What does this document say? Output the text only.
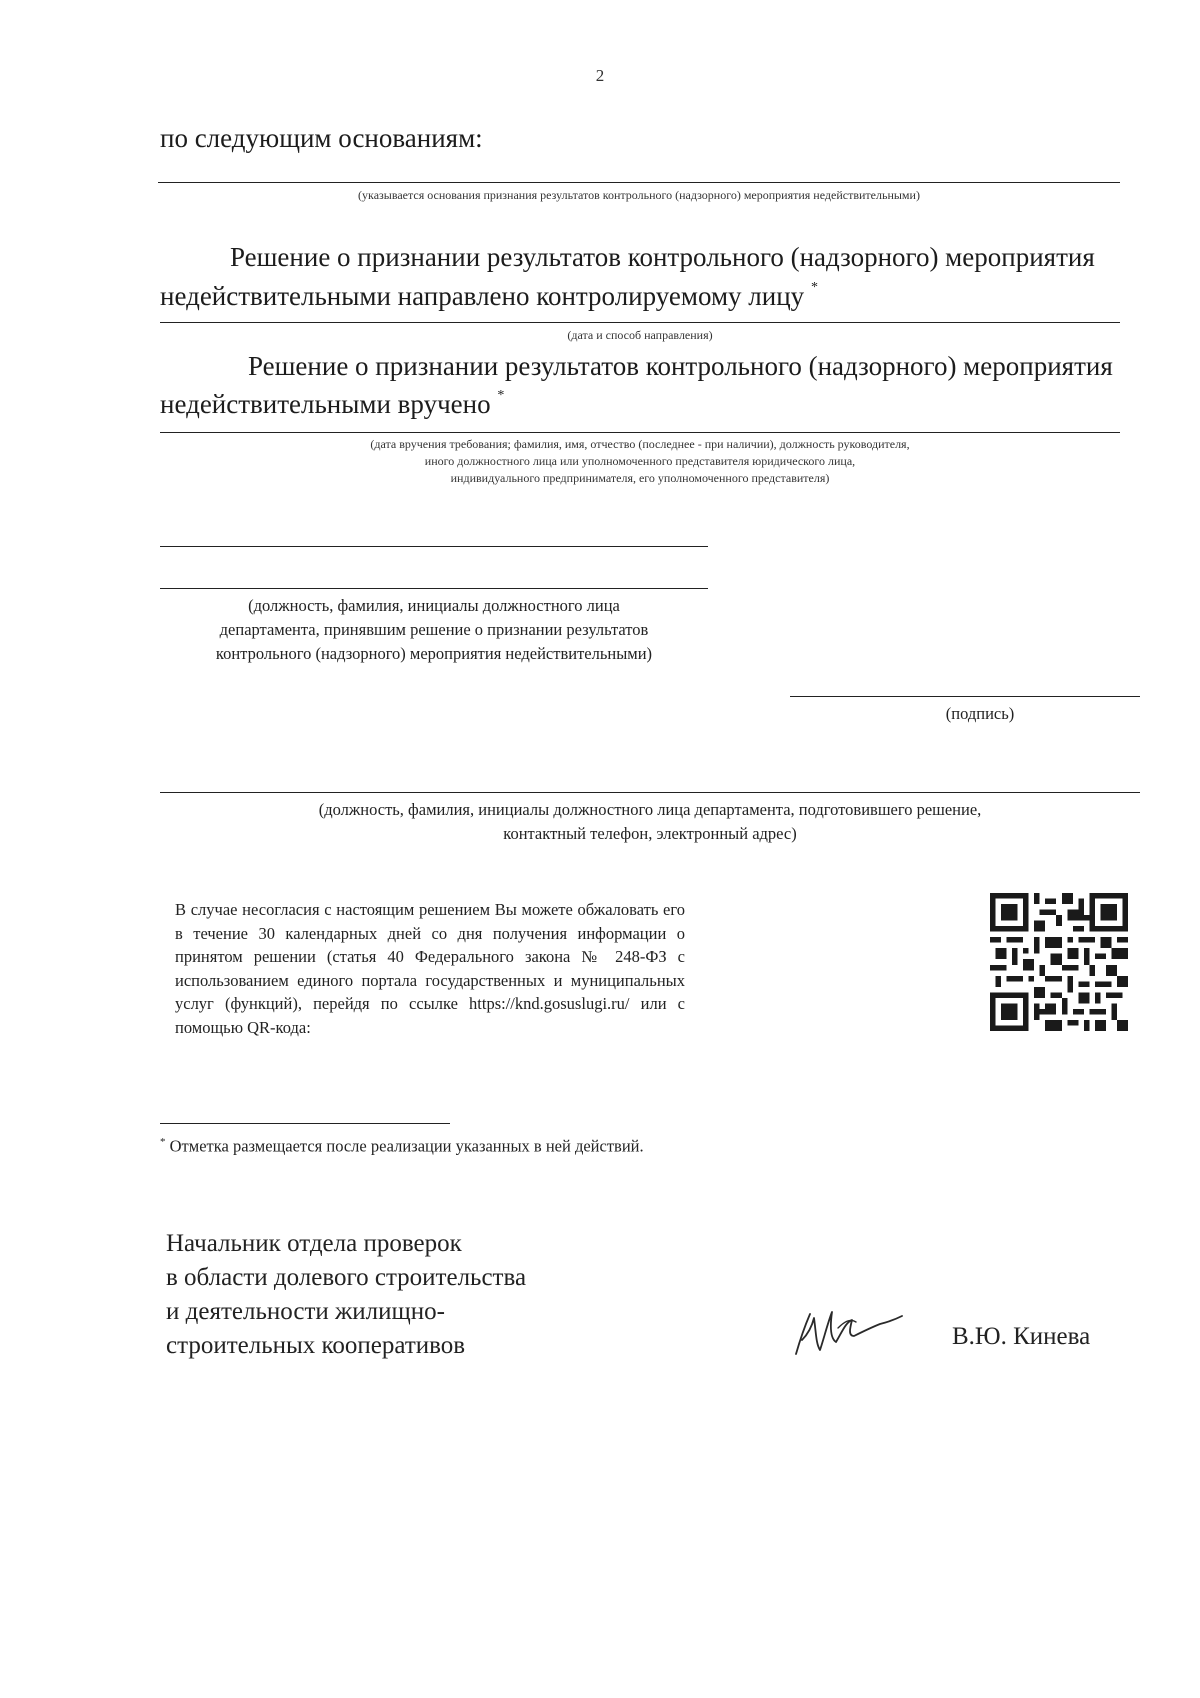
2
по следующим основаниям:
(указывается основания признания результатов контрольного (надзорного) мероприятия недействительными)
Решение о признании результатов контрольного (надзорного) мероприятия
недействительными направлено контролируемому лицу *
(дата и способ направления)
Решение о признании результатов контрольного (надзорного) мероприятия
недействительными вручено *
(дата вручения требования; фамилия, имя, отчество (последнее - при наличии), должность руководителя,
иного должностного лица или уполномоченного представителя юридического лица,
индивидуального предпринимателя, его уполномоченного представителя)
(должность, фамилия, инициалы должностного лица
департамента, принявшим решение о признании результатов
контрольного (надзорного) мероприятия недействительными)
(подпись)
(должность, фамилия, инициалы должностного лица департамента, подготовившего решение,
контактный телефон, электронный адрес)
В случае несогласия с настоящим решением Вы можете обжаловать его в течение 30 календарных дней со дня получения информации о принятом решении (статья 40 Федерального закона № 248-ФЗ с использованием единого портала государственных и муниципальных услуг (функций), перейдя по ссылке https://knd.gosuslugi.ru/ или с помощью QR-кода:
* Отметка размещается после реализации указанных в ней действий.
Начальник отдела проверок
в области долевого строительства
и деятельности жилищно-
строительных кооперативов	В.Ю. Кинева
